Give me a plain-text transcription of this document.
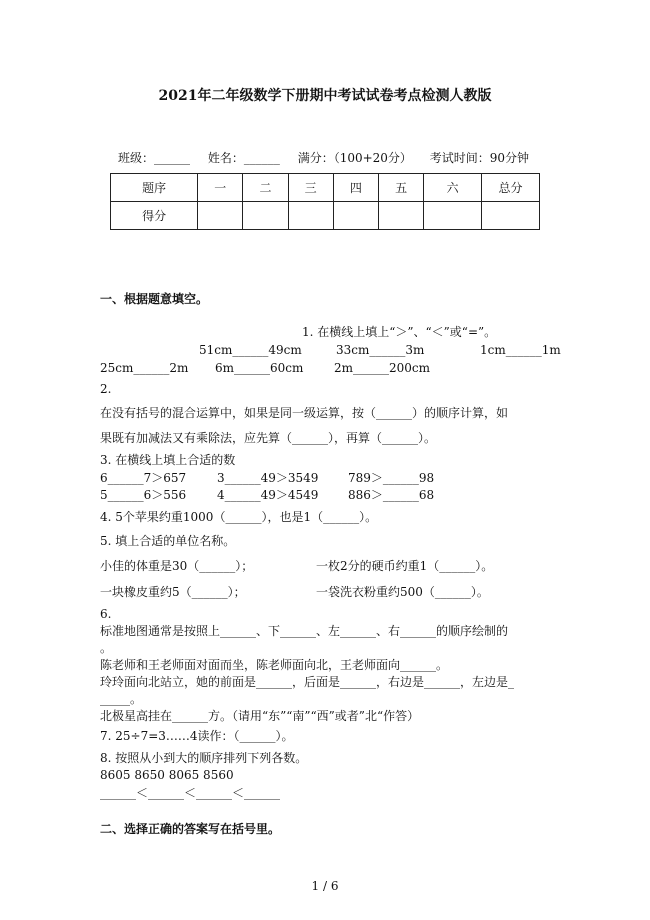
2021年二年级数学下册期中考试试卷考点检测人教版
班级：______ 姓名：______ 满分：（100+20分） 考试时间：90分钟
题序	一	二	三	四	五	六	总分
得分							
一、根据题意填空。
1. 在横线上填上“＞”、“＜”或“=”。
51cm______49cm	33cm______3m	1cm______1m
25cm______2m 6m______60cm	2m______200cm
2.
在没有括号的混合运算中，如果是同一级运算，按（______）的顺序计算，如
果既有加减法又有乘除法，应先算（______），再算（______）。
3. 在横线上填上合适的数
6______7＞657	3______49＞3549 789＞______98
5______6＞556	4______49＞4549 886＞______68
4. 5个苹果约重1000（______），也是1（______）。
5. 填上合适的单位名称。
小佳的体重是30（______）；	一枚2分的硬币约重1（______）。
一块橡皮重约5（______）；	一袋洗衣粉重约500（______）。
6.
标准地图通常是按照上______、下______、左______、右______的顺序绘制的
。
陈老师和王老师面对面而坐，陈老师面向北，王老师面向______。
玲玲面向北站立，她的前面是______，后面是______，右边是______，左边是_
_____。
北极星高挂在______方。（请用“东”“南”“西”或者”北“作答）
7. 25÷7=3……4读作：（______）。
8. 按照从小到大的顺序排列下列各数。
8605 8650 8065 8560
______＜______＜______＜______
二、选择正确的答案写在括号里。
1 / 6
